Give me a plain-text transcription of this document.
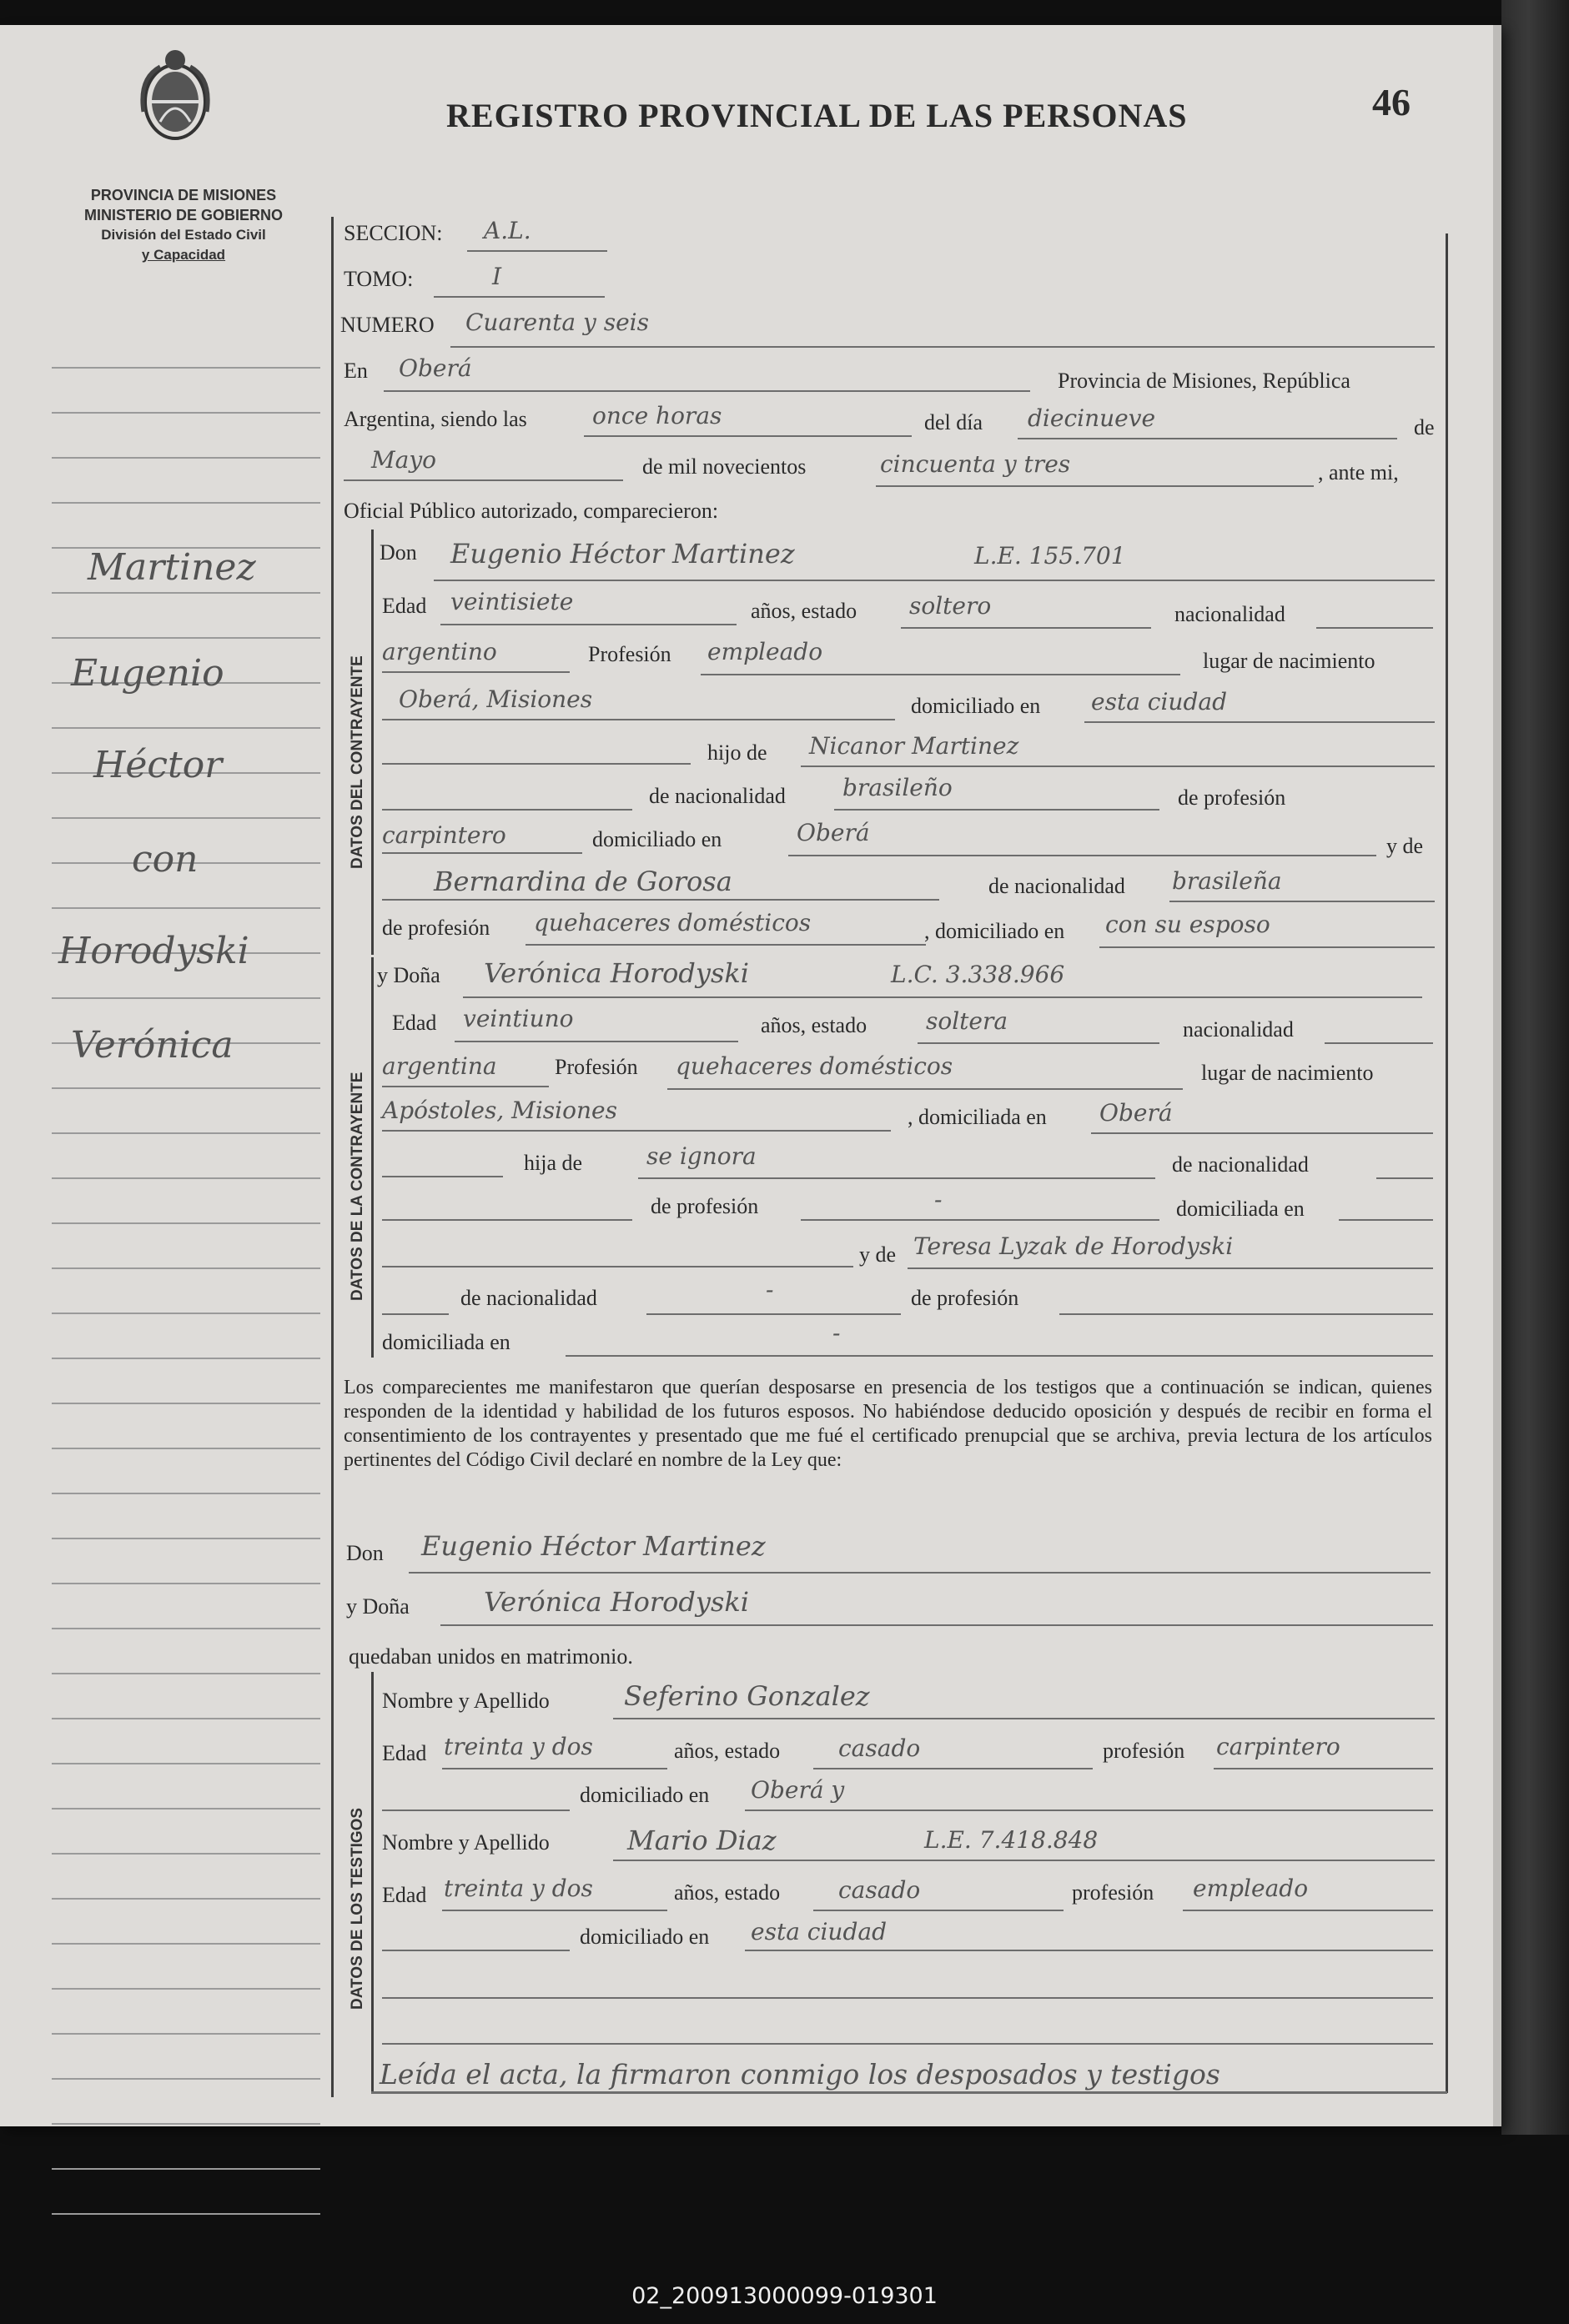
REGISTRO PROVINCIAL DE LAS PERSONAS	46
PROVINCIA DE MISIONES
MINISTERIO DE GOBIERNO
División del Estado Civil
y Capacidad
Martinez
Eugenio
Héctor
con
Horodyski
Verónica
SECCION: A.L.
TOMO:	I
NUMERO Cuarenta y seis
En Oberá	Provincia de Misiones, República
Argentina, siendo las	once horas	del día diecinueve	de
Mayo	de mil novecientos	cincuenta y tres	, ante mi,
Oficial Público autorizado, comparecieron:
DATOS DEL CONTRAYENTE
Don Eugenio Héctor Martinez	L.E. 155.701
Edad veintisiete	años, estado soltero	nacionalidad
argentino	Profesión empleado	lugar de nacimiento
Oberá, Misiones	domiciliado en esta ciudad
hijo de Nicanor Martinez
de nacionalidad brasileño	de profesión
carpintero	domiciliado en	Oberá	y de
Bernardina de Gorosa	de nacionalidad brasileña
de profesión quehaceres domésticos	, domiciliado en con su esposo
DATOS DE LA CONTRAYENTE
y Doña Verónica Horodyski	L.C. 3.338.966
Edad veintiuno	años, estado	soltera	nacionalidad
argentina	Profesión quehaceres domésticos	lugar de nacimiento
Apóstoles, Misiones	, domiciliada en Oberá
hija de	se ignora	de nacionalidad
de profesión	-	domiciliada en
y de Teresa Lyzak de Horodyski
de nacionalidad	-	de profesión
domiciliada en	-
Los comparecientes me manifestaron que querían desposarse en presencia de los testigos que a continuación se indican, quienes responden de la identidad y habilidad de los futuros esposos. No habiéndose deducido oposición y después de recibir en forma el consentimiento de los contrayentes y presentado que me fué el certificado prenupcial que se archiva, previa lectura de los artículos pertinentes del Código Civil declaré en nombre de la Ley que:
Don Eugenio Héctor Martinez
y Doña	Verónica Horodyski
quedaban unidos en matrimonio.
DATOS DE LOS TESTIGOS
Nombre y Apellido	Seferino Gonzalez
Edad treinta y dos	años, estado casado	profesión carpintero
domiciliado en Oberá y
Nombre y Apellido	Mario Diaz	L.E. 7.418.848
Edad treinta y dos	años, estado casado	profesión empleado
domiciliado en esta ciudad
Leída el acta, la firmaron conmigo los desposados y testigos
02_200913000099-019301
